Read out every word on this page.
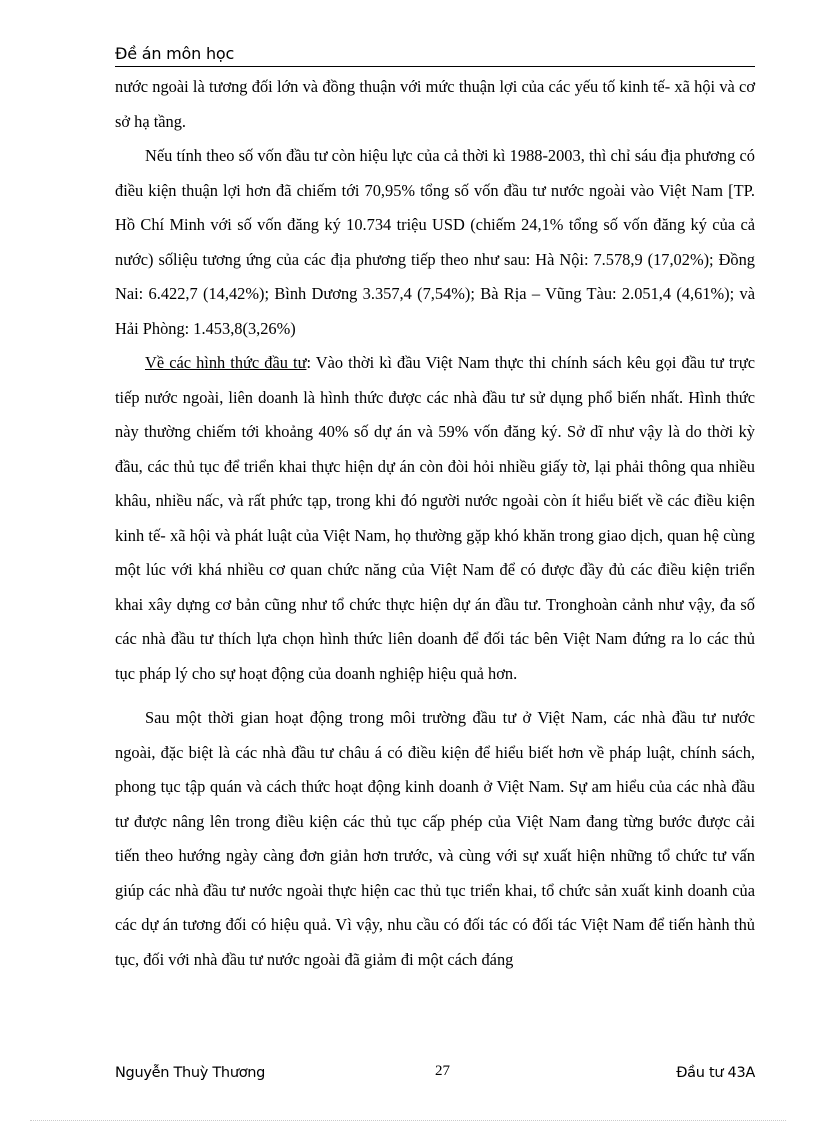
Đề án môn học

nước ngoài là tương đối lớn và đồng thuận với mức thuận lợi của các yếu tố kinh tế- xã hội và cơ sở hạ tầng.

Nếu tính theo số vốn đầu tư còn hiệu lực của cả thời kì 1988-2003, thì chỉ sáu địa phương có điều kiện thuận lợi hơn đã chiếm tới 70,95% tổng số vốn đầu tư nước ngoài vào Việt Nam [TP. Hồ Chí Minh với số vốn đăng ký 10.734 triệu USD (chiếm 24,1% tổng số vốn đăng ký của cả nước) sốliệu tương ứng của các địa phương tiếp theo như sau: Hà Nội: 7.578,9 (17,02%); Đồng Nai: 6.422,7 (14,42%); Bình Dương 3.357,4 (7,54%); Bà Rịa – Vũng Tàu: 2.051,4 (4,61%); và Hải Phòng: 1.453,8(3,26%)

Về các hình thức đầu tư: Vào thời kì đầu Việt Nam thực thi chính sách kêu gọi đầu tư trực tiếp nước ngoài, liên doanh là hình thức được các nhà đầu tư sử dụng phổ biến nhất. Hình thức này thường chiếm tới khoảng 40% số dự án và 59% vốn đăng ký. Sở dĩ như vậy là do thời kỳ đầu, các thủ tục để triển khai thực hiện dự án còn đòi hỏi nhiều giấy tờ, lại phải thông qua nhiều khâu, nhiều nấc, và rất phức tạp, trong khi đó người nước ngoài còn ít hiểu biết về các điều kiện kinh tế- xã hội và phát luật của Việt Nam, họ thường gặp khó khăn trong giao dịch, quan hệ cùng một lúc với khá nhiều cơ quan chức năng của Việt Nam để có được đầy đủ các điều kiện triển khai xây dựng cơ bản cũng như tổ chức thực hiện dự án đầu tư. Tronghoàn cảnh như vậy, đa số các nhà đầu tư thích lựa chọn hình thức liên doanh để đối tác bên Việt Nam đứng ra lo các thủ tục pháp lý cho sự hoạt động của doanh nghiệp hiệu quả hơn.

Sau một thời gian hoạt động trong môi trường đầu tư ở Việt Nam, các nhà đầu tư nước ngoài, đặc biệt là các nhà đầu tư châu á có điều kiện để hiểu biết hơn về pháp luật, chính sách, phong tục tập quán và cách thức hoạt động kinh doanh ở Việt Nam. Sự am hiểu của các nhà đầu tư được nâng lên trong điều kiện các thủ tục cấp phép của Việt Nam đang từng bước được cải tiến theo hướng ngày càng đơn giản hơn trước, và cùng với sự xuất hiện những tổ chức tư vấn giúp các nhà đầu tư nước ngoài thực hiện cac thủ tục triển khai, tổ chức sản xuất kinh doanh của các dự án tương đối có hiệu quả. Vì vậy, nhu cầu có đối tác có đối tác Việt Nam để tiến hành thủ tục, đối với nhà đầu tư nước ngoài đã giảm đi một cách đáng

Nguyễn Thuỳ Thương	27	Đầu tư 43A
